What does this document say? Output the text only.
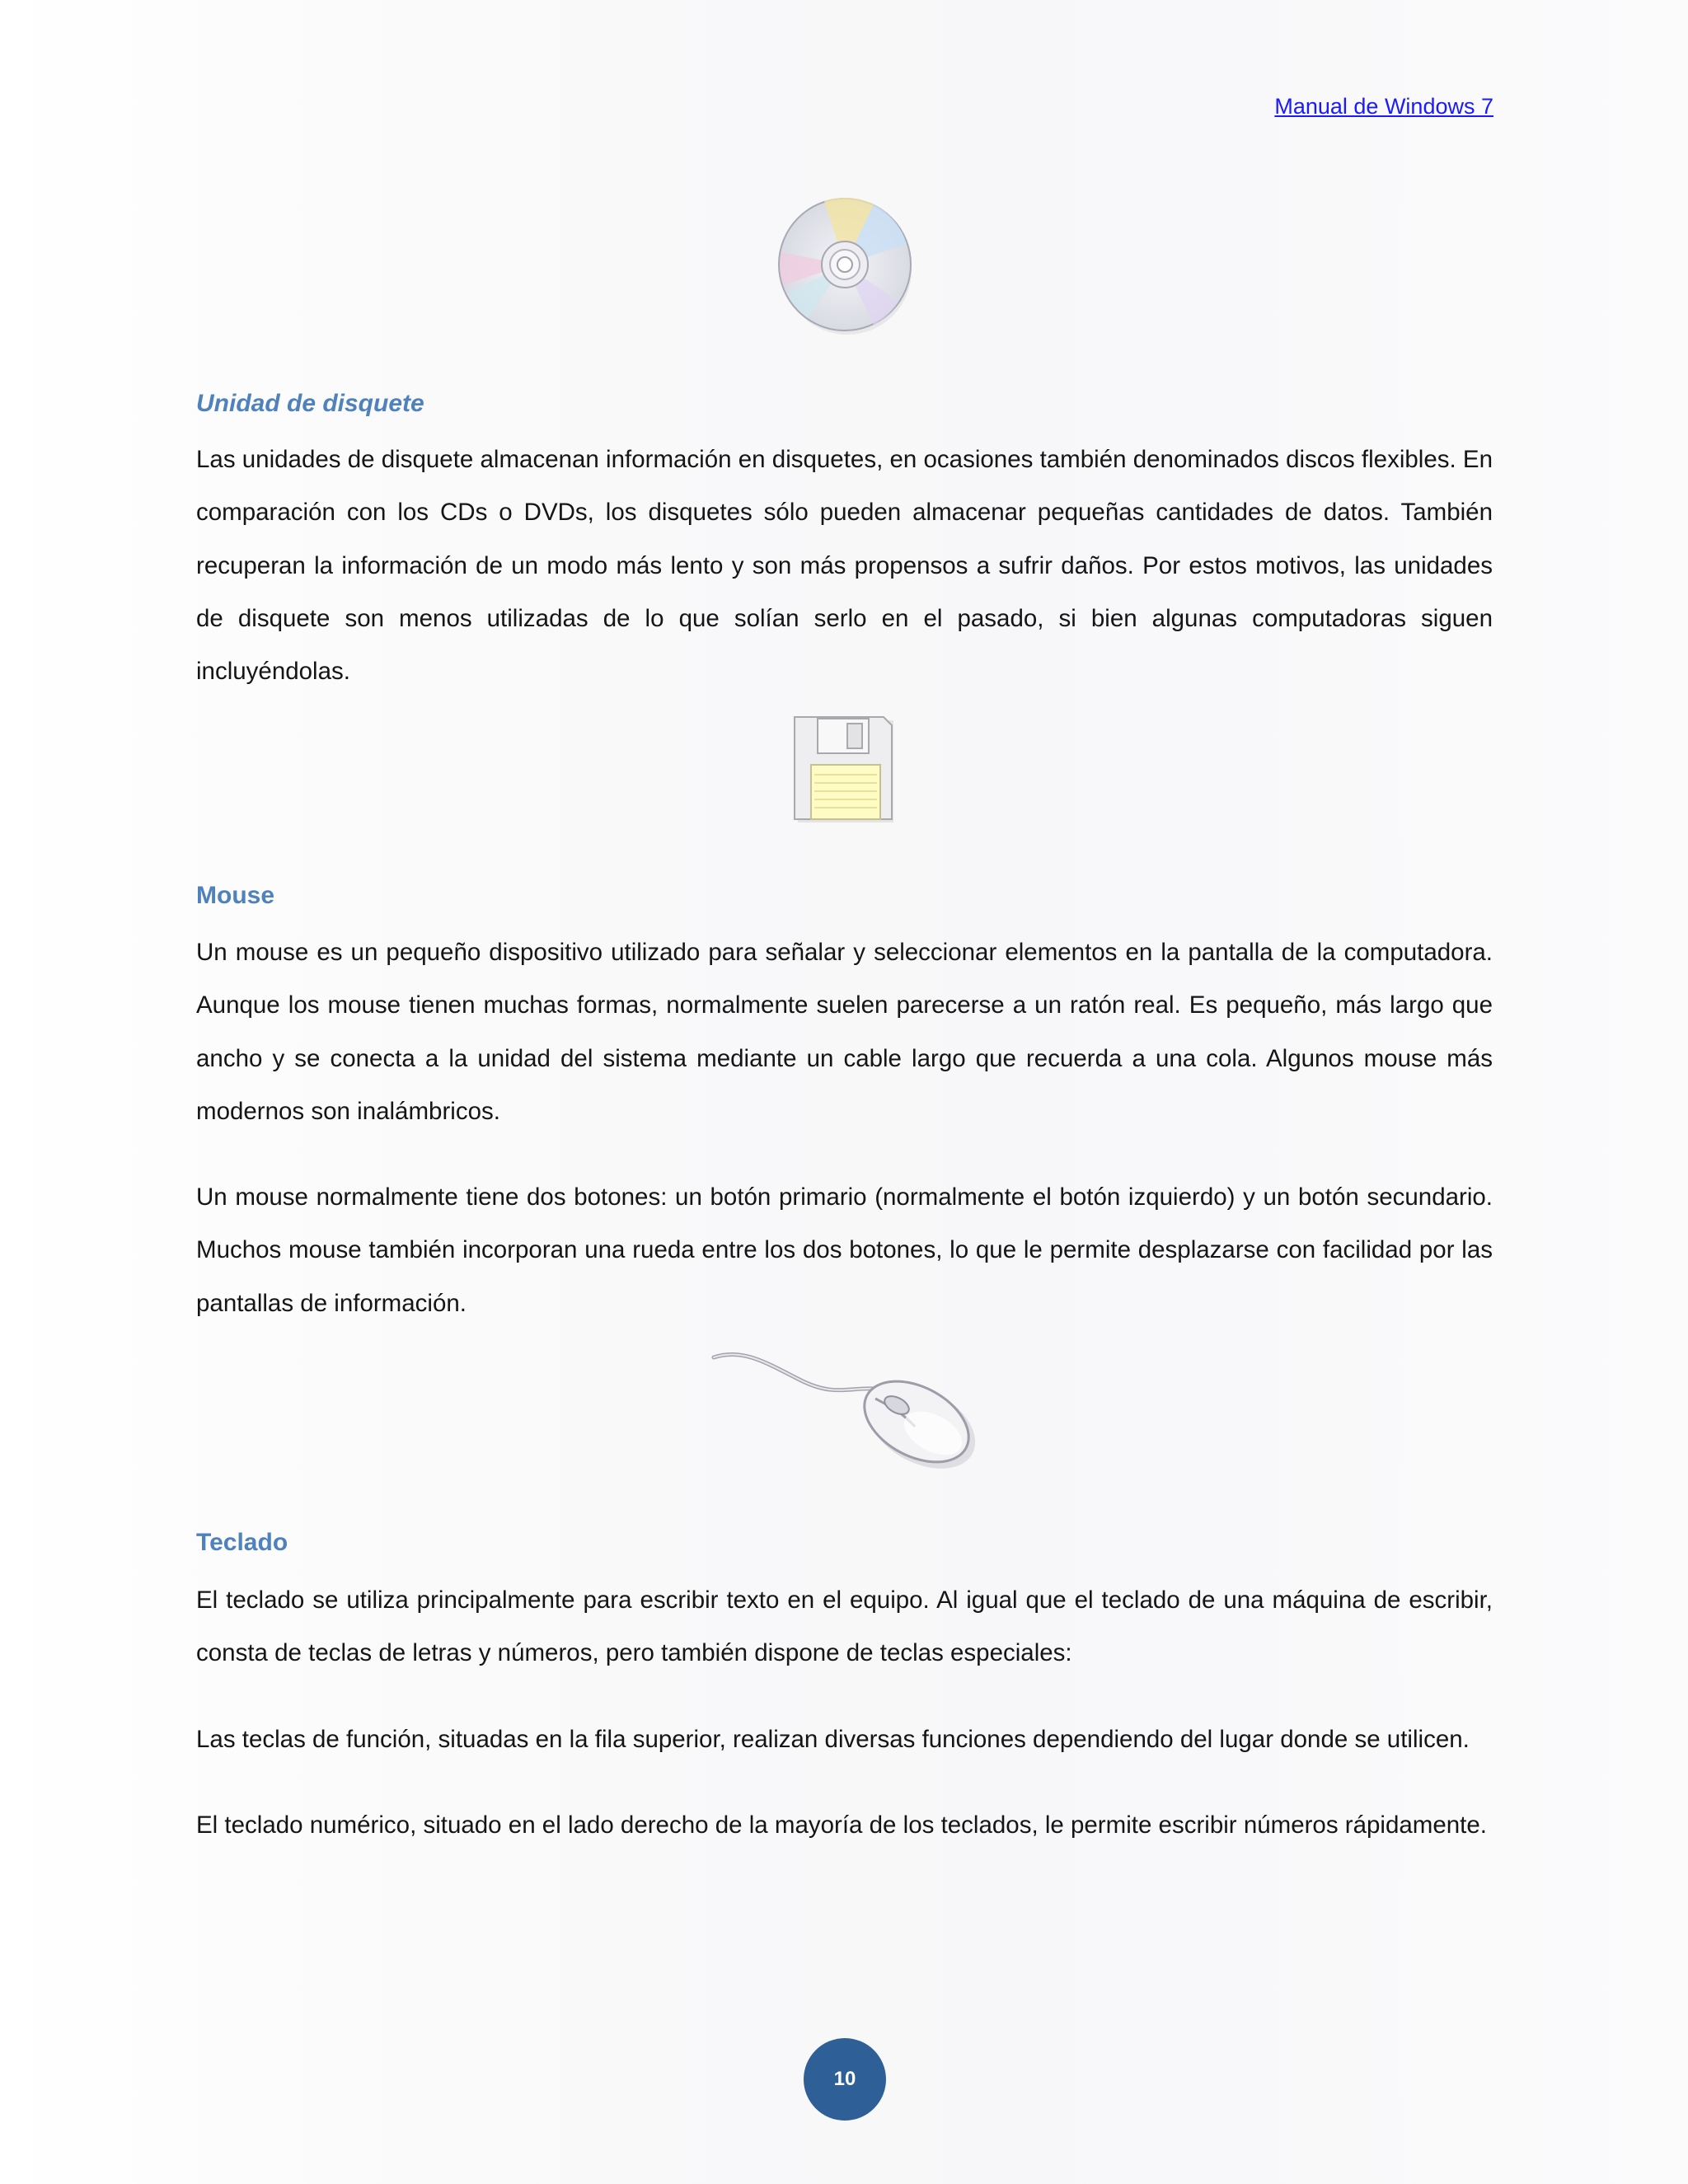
Manual de Windows 7
Unidad de disquete

Las unidades de disquete almacenan información en disquetes, en ocasiones también denominados discos flexibles. En comparación con los CDs o DVDs, los disquetes sólo pueden almacenar pequeñas cantidades de datos. También recuperan la información de un modo más lento y son más propensos a sufrir daños. Por estos motivos, las unidades de disquete son menos utilizadas de lo que solían serlo en el pasado, si bien algunas computadoras siguen incluyéndolas.

Mouse

Un mouse es un pequeño dispositivo utilizado para señalar y seleccionar elementos en la pantalla de la computadora. Aunque los mouse tienen muchas formas, normalmente suelen parecerse a un ratón real. Es pequeño, más largo que ancho y se conecta a la unidad del sistema mediante un cable largo que recuerda a una cola. Algunos mouse más modernos son inalámbricos.

Un mouse normalmente tiene dos botones: un botón primario (normalmente el botón izquierdo) y un botón secundario. Muchos mouse también incorporan una rueda entre los dos botones, lo que le permite desplazarse con facilidad por las pantallas de información.

Teclado

El teclado se utiliza principalmente para escribir texto en el equipo. Al igual que el teclado de una máquina de escribir, consta de teclas de letras y números, pero también dispone de teclas especiales:

Las teclas de función, situadas en la fila superior, realizan diversas funciones dependiendo del lugar donde se utilicen.

El teclado numérico, situado en el lado derecho de la mayoría de los teclados, le permite escribir números rápidamente.

10
